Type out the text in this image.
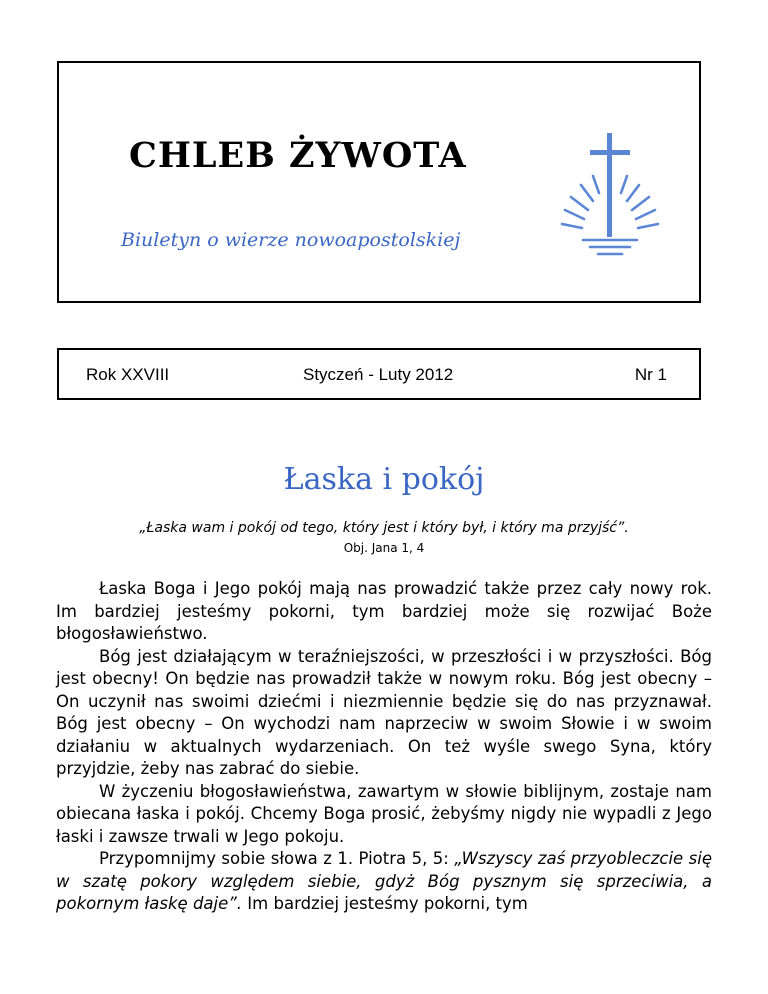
CHLEB ŻYWOTA
Biuletyn o wierze nowoapostolskiej
Rok XXVIII	Styczeń - Luty 2012	Nr 1
Łaska i pokój
„Łaska wam i pokój od tego, który jest i który był, i który ma przyjść”.
Obj. Jana 1, 4

Łaska Boga i Jego pokój mają nas prowadzić także przez cały nowy rok. Im bardziej jesteśmy pokorni, tym bardziej może się rozwijać Boże błogosławieństwo.

Bóg jest działającym w teraźniejszości, w przeszłości i w przyszłości. Bóg jest obecny! On będzie nas prowadził także w nowym roku. Bóg jest obecny – On uczynił nas swoimi dziećmi i niezmiennie będzie się do nas przyznawał. Bóg jest obecny – On wychodzi nam naprzeciw w swoim Słowie i w swoim działaniu w aktualnych wydarzeniach. On też wyśle swego Syna, który przyjdzie, żeby nas zabrać do siebie.

W życzeniu błogosławieństwa, zawartym w słowie biblijnym, zostaje nam obiecana łaska i pokój. Chcemy Boga prosić, żebyśmy nigdy nie wypadli z Jego łaski i zawsze trwali w Jego pokoju.

Przypomnijmy sobie słowa z 1. Piotra 5, 5: „Wszyscy zaś przyobleczcie się w szatę pokory względem siebie, gdyż Bóg pysznym się sprzeciwia, a pokornym łaskę daje”. Im bardziej jesteśmy pokorni, tym
